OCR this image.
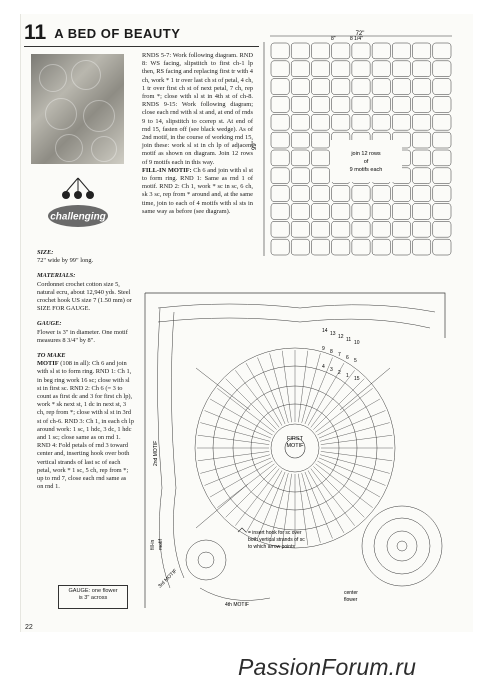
11 A BED OF BEAUTY
challenging
SIZE:
72" wide by 99" long.
MATERIALS:
Cordonnet crochet cotton size 5, natural ecru, about 12,940 yds. Steel crochet hook US size 7 (1.50 mm) or SIZE FOR GAUGE.
GAUGE:
Flower is 3" in diameter. One motif measures 8 3/4" by 8".
TO MAKE
MOTIF (108 in all): Ch 6 and join with sl st to form ring. RND 1: Ch 1, in beg ring work 16 sc; close with sl st in first sc. RND 2: Ch 6 (= 3 to count as first dc and 3 for first ch lp), work * sk next st, 1 dc in next st, 3 ch, rep from *; close with sl st in 3rd st of ch-6. RND 3: Ch 1, in each ch lp around work: 1 sc, 1 hdc, 3 dc, 1 hdc and 1 sc; close same as on rnd 1. RND 4: Fold petals of rnd 3 toward center and, inserting hook over both vertical strands of last sc of each petal, work * 1 sc, 5 ch, rep from *; up to rnd 7, close each rnd same as on rnd 1.
GAUGE: one flower
is 3" across
RNDS 5-7: Work following diagram. RND 8: WS facing, slipstitch to first ch-1 lp then, RS facing and replacing first tr with 4 ch, work * 1 tr over last ch st of petal, 4 ch, 1 tr over first ch st of next petal, 7 ch, rep from *; close with sl st in 4th st of ch-8. RNDS 9-15: Work following diagram; close each rnd with sl st and, at end of rnds 9 to 14, slipstitch to ccerep st. At end of rnd 15, fasten off (see black wedge). As of 2nd motif, in the course of working rnd 15, join these: work sl st in ch lp of adjacent motif as shown on diagram. Join 12 rows of 9 motifs each in this way.
FILL-IN MOTIF: Ch 6 and join with sl st to form ring. RND 1: Same as rnd 1 of motif. RND 2: Ch 1, work * sc in sc, 6 ch, sk 3 sc, rep from * around and, at the same time, join to each of 4 motifs with sl sts in same way as before (see diagram).
72"
99"
join 12 rows
of
9 motifs each
8"	8 1/4"
FIRST
MOTIF
2nd MOTIF
3rd MOTIF
4th MOTIF
fill-in motif
center
flower
= insert hook for sc over
both vertical strands of sc
to which arrow points
14 13 12 11 10
9 8 7 6 5
4 3 2 1 15
22
PassionForum.ru
